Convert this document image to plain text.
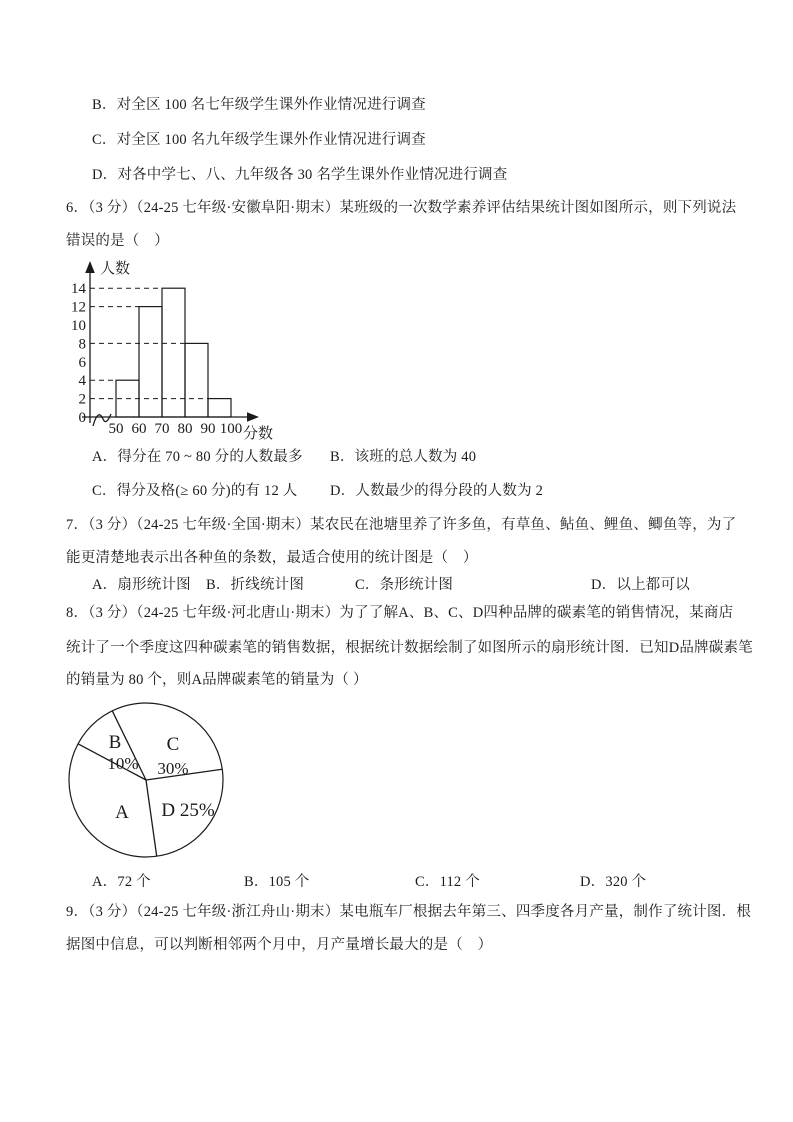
B．对全区 100 名七年级学生课外作业情况进行调查
C．对全区 100 名九年级学生课外作业情况进行调查
D．对各中学七、八、九年级各 30 名学生课外作业情况进行调查
6．（3 分）（24-25 七年级·安徽阜阳·期末）某班级的一次数学素养评估结果统计图如图所示，则下列说法
错误的是（　）
0
2
4
6
8
10
12
14
50 60 70 80 90 100
人数
分数
A．得分在 70 ~ 80 分的人数最多 B．该班的总人数为 40
C．得分及格(≥ 60 分)的有 12 人 D．人数最少的得分段的人数为 2
7．（3 分）（24-25 七年级·全国·期末）某农民在池塘里养了许多鱼，有草鱼、鲇鱼、鲤鱼、鲫鱼等，为了
能更清楚地表示出各种鱼的条数，最适合使用的统计图是（　）
A．扇形统计图 B．折线统计图	C．条形统计图	D．以上都可以
8．（3 分）（24-25 七年级·河北唐山·期末）为了了解A、B、C、D四种品牌的碳素笔的销售情况，某商店
统计了一个季度这四种碳素笔的销售数据，根据统计数据绘制了如图所示的扇形统计图．已知D品牌碳素笔
的销量为 80 个，则A品牌碳素笔的销量为（ ）
C
30%
B
10%
A D 25%
A．72 个	B．105 个	C．112 个	D．320 个
9．（3 分）（24-25 七年级·浙江舟山·期末）某电瓶车厂根据去年第三、四季度各月产量，制作了统计图．根
据图中信息，可以判断相邻两个月中，月产量增长最大的是（　）
